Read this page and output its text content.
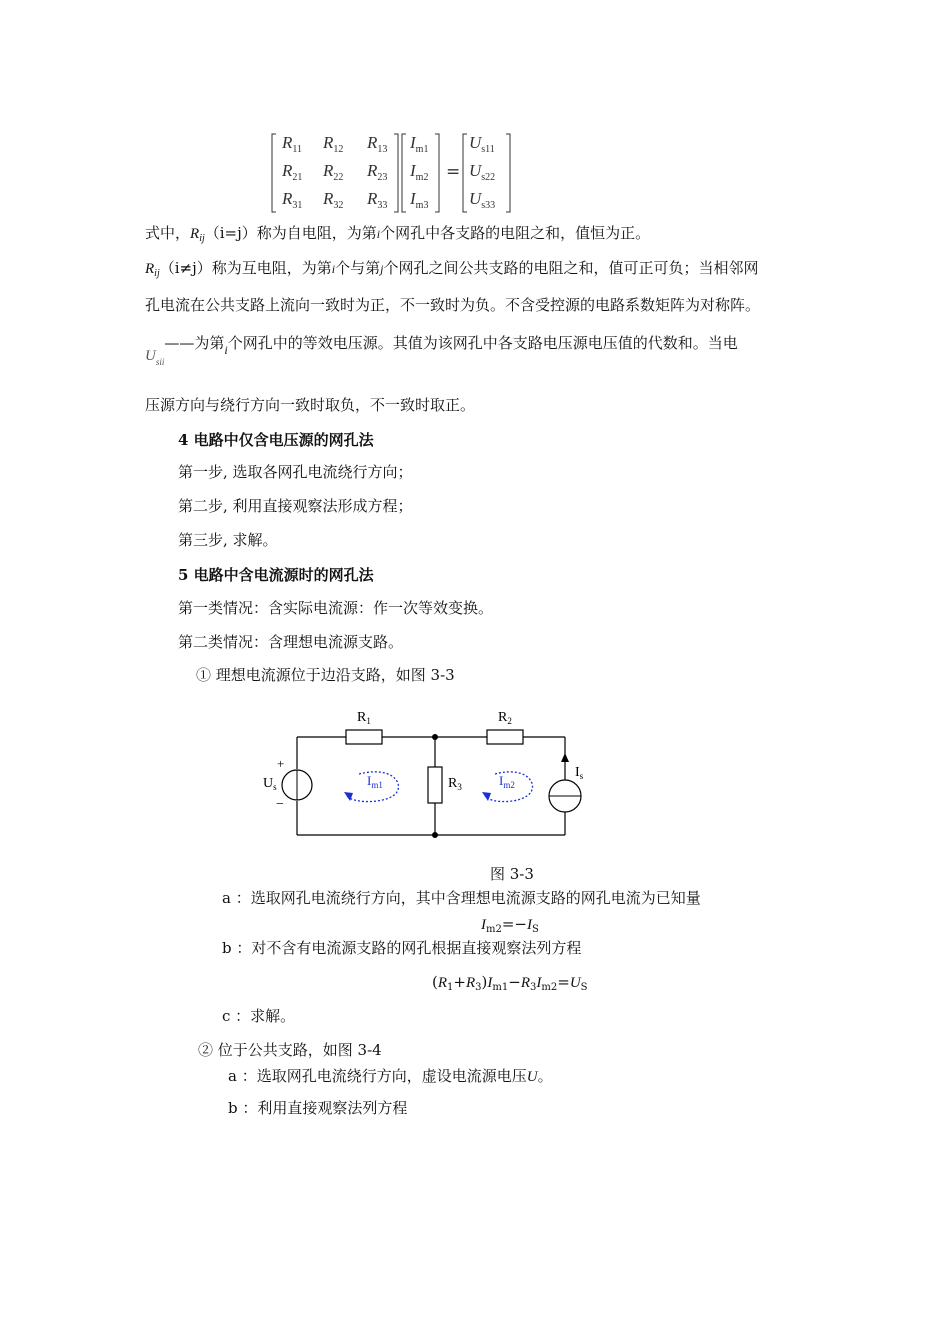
$R_{11}$ $R_{12}$ $R_{13}$
$R_{21}$ $R_{22}$ $R_{23}$
$R_{31}$ $R_{32}$ $R_{33}$
$I_{m1}$
$I_{m2}$
$I_{m3}$
=
$U_{s11}$
$U_{s22}$
$U_{s33}$
式中，$R_{ij}(i=j)$称为自电阻，为第i个网孔中各支路的电阻之和，值恒为正。
$R_{ij}(i\ne j)$称为互电阻，为第i个与第j个网孔之间公共支路的电阻之和，值可正可负；当相邻网
孔电流在公共支路上流向一致时为正，不一致时为负。不含受控源的电路系数矩阵为对称阵。
$U_{sii}——$为第$_i$个网孔中的等效电压源。其值为该网孔中各支路电压源电压值的代数和。当电
压源方向与绕行方向一致时取负，不一致时取正。
4 电路中仅含电压源的网孔法
第一步, 选取各网孔电流绕行方向；
第二步, 利用直接观察法形成方程；
第三步, 求解。
5 电路中含电流源时的网孔法
第一类情况：含实际电流源：作一次等效变换。
第二类情况：含理想电流源支路。
① 理想电流源位于边沿支路，如图 3-3
$R_1$	$R_2$
$R_3$
$U_s$
+
−
$I_s$
$I_{m1}$	$I_{m2}$
图 3-3
a ：选取网孔电流绕行方向，其中含理想电流源支路的网孔电流为已知量
$I_{m2}=-I_S$
b ：对不含有电流源支路的网孔根据直接观察法列方程
$(R_1+R_3)I_{m1}-R_3I_{m2}=U_S$
c ：求解。
② 位于公共支路，如图 3-4
a ：选取网孔电流绕行方向，虚设电流源电压U。
b ：利用直接观察法列方程
